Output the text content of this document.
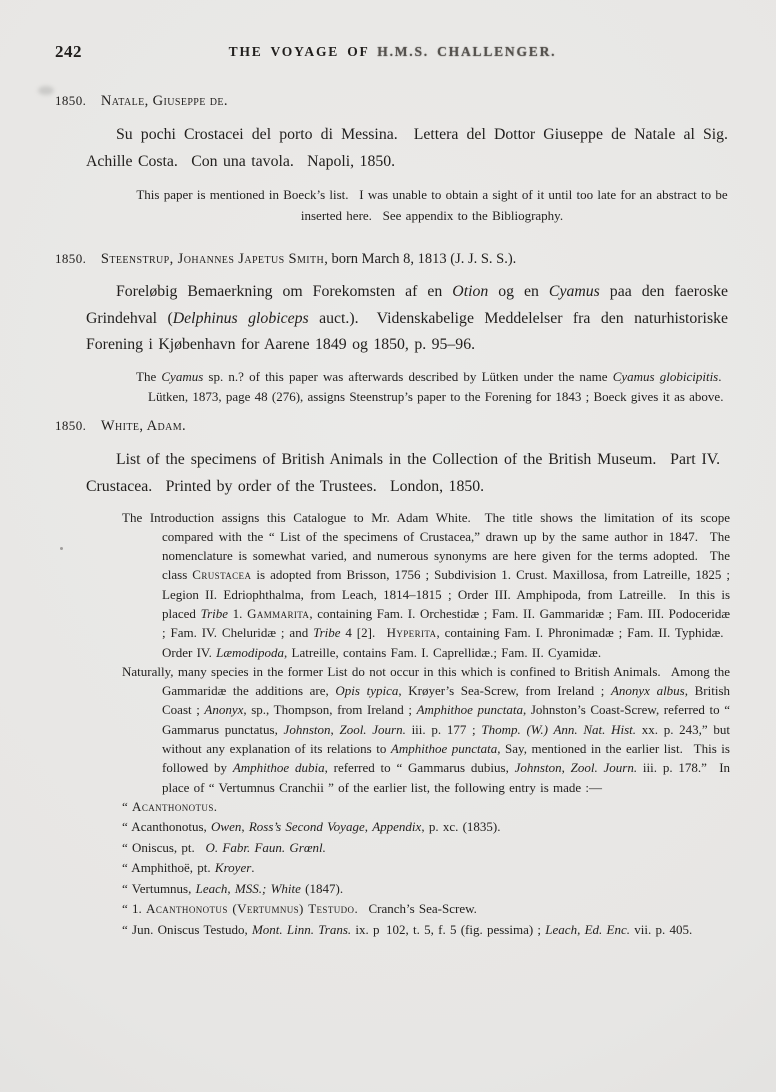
242	THE VOYAGE OF H.M.S. CHALLENGER.
1850. Natale, Giuseppe de.

Su pochi Crostacei del porto di Messina.  Lettera del Dottor Giuseppe de Natale al Sig. Achille Costa.  Con una tavola.  Napoli, 1850.

This paper is mentioned in Boeck’s list.  I was unable to obtain a sight of it until too late for an abstract to be inserted here.  See appendix to the Bibliography.

1850. Steenstrup, Johannes Japetus Smith, born March 8, 1813 (J. J. S. S.).

Foreløbig Bemaerkning om Forekomsten af en Otion og en Cyamus paa den faeroske Grindehval (Delphinus globiceps auct.).  Videnskabelige Meddelelser fra den naturhistoriske Forening i Kjøbenhavn for Aarene 1849 og 1850, p. 95–96.

The Cyamus sp. n.? of this paper was afterwards described by Lütken under the name Cyamus globicipitis.  Lütken, 1873, page 48 (276), assigns Steenstrup’s paper to the Forening for 1843 ; Boeck gives it as above.

1850. White, Adam.

List of the specimens of British Animals in the Collection of the British Museum.  Part IV.  Crustacea.  Printed by order of the Trustees.  London, 1850.

The Introduction assigns this Catalogue to Mr. Adam White.  The title shows the limitation of its scope compared with the “ List of the specimens of Crustacea,” drawn up by the same author in 1847.  The nomenclature is somewhat varied, and numerous synonyms are here given for the terms adopted.  The class Crustacea is adopted from Brisson, 1756 ; Subdivision 1. Crust. Maxillosa, from Latreille, 1825 ; Legion II. Edriophthalma, from Leach, 1814–1815 ; Order III. Amphipoda, from Latreille.  In this is placed Tribe 1. Gammarita, containing Fam. I. Orchestidæ ; Fam. II. Gammaridæ ; Fam. III. Podoceridæ ; Fam. IV. Cheluridæ ; and Tribe 4 [2].  Hyperita, containing Fam. I. Phronimadæ ; Fam. II. Typhidæ.  Order IV. Læmodipoda, Latreille, contains Fam. I. Caprellidæ.; Fam. II. Cyamidæ.

Naturally, many species in the former List do not occur in this which is confined to British Animals.  Among the Gammaridæ the additions are, Opis typica, Krøyer’s Sea-Screw, from Ireland ; Anonyx albus, British Coast ; Anonyx, sp., Thompson, from Ireland ; Amphithoe punctata, Johnston’s Coast-Screw, referred to “ Gammarus punctatus, Johnston, Zool. Journ. iii. p. 177 ; Thomp. (W.) Ann. Nat. Hist. xx. p. 243,” but without any explanation of its relations to Amphithoe punctata, Say, mentioned in the earlier list.  This is followed by Amphithoe dubia, referred to “ Gammarus dubius, Johnston, Zool. Journ. iii. p. 178.”  In place of “ Vertumnus Cranchii ” of the earlier list, the following entry is made :—

“ Acanthonotus.

“ Acanthonotus, Owen, Ross’s Second Voyage, Appendix, p. xc. (1835).

“ Oniscus, pt.  O. Fabr. Faun. Grœnl.

“ Amphithoë, pt. Kroyer.

“ Vertumnus, Leach, MSS.; White (1847).

“ 1. Acanthonotus (Vertumnus) Testudo.  Cranch’s Sea-Screw.

“ Jun. Oniscus Testudo, Mont. Linn. Trans. ix. p 102, t. 5, f. 5 (fig. pessima) ; Leach, Ed. Enc. vii. p. 405.
